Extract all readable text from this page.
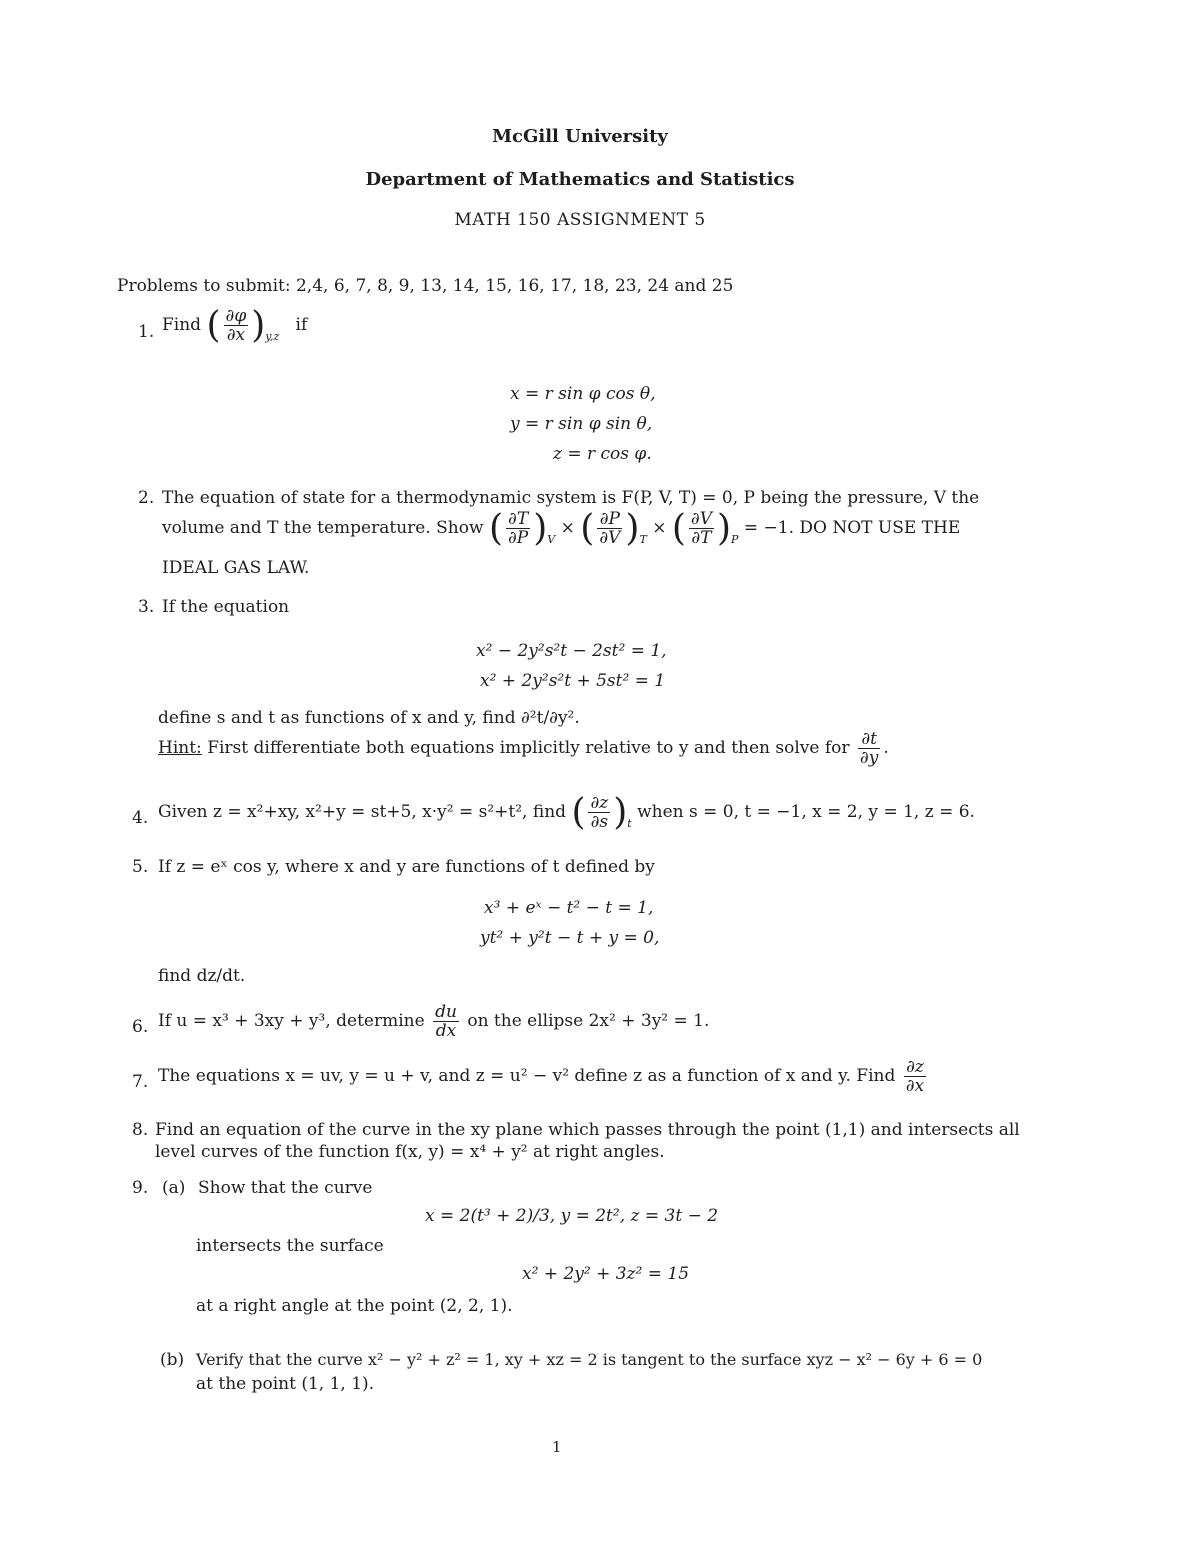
McGill University
Department of Mathematics and Statistics
MATH 150 ASSIGNMENT 5
Problems to submit: 2,4, 6, 7, 8, 9, 13, 14, 15, 16, 17, 18, 23, 24 and 25
1. Find ( $\frac{\partial\varphi}{\partial x} )_{y,z}$   if
x = r sin φ cos θ,
y = r sin φ sin θ,
z = r cos φ.
2. The equation of state for a thermodynamic system is F(P, V, T) = 0, P being the pressure, V the
volume and T the temperature. Show ( $\frac{\partial T}{\partial P} )_V$ × ( $\frac{\partial P}{\partial V} )_T$ × ( $\frac{\partial V}{\partial T} )_P = -1$. DO NOT USE THE
IDEAL GAS LAW.
3. If the equation
x² − 2y²s²t − 2st² = 1,
x² + 2y²s²t + 5st² = 1
define s and t as functions of x and y, find ∂²t/∂y².
Hint: First differentiate both equations implicitly relative to y and then solve for $\frac{\partial t}{\partial y}$ .
4. Given z = x²+xy, x²+y = st+5, x·y² = s²+t², find ( $\frac{\partial z}{\partial s} )_t$ when s = 0, t = −1, x = 2, y = 1, z = 6.
5. If z = eˣ cos y, where x and y are functions of t defined by
x³ + eˣ − t² − t = 1,
yt² + y²t − t + y = 0,
find dz/dt.
6. If u = x³ + 3xy + y³, determine $\frac{du}{dx}$ on the ellipse 2x² + 3y² = 1.
7. The equations x = uv, y = u + v, and z = u² − v² define z as a function of x and y. Find $\frac{\partial z}{\partial x}$
8. Find an equation of the curve in the xy plane which passes through the point (1,1) and intersects all
level curves of the function f(x, y) = x⁴ + y² at right angles.
9. (a) Show that the curve
x = 2(t³ + 2)/3, y = 2t², z = 3t − 2
intersects the surface
x² + 2y² + 3z² = 15
at a right angle at the point (2, 2, 1).
(b) Verify that the curve x² − y² + z² = 1, xy + xz = 2 is tangent to the surface xyz − x² − 6y + 6 = 0
at the point (1, 1, 1).
1
